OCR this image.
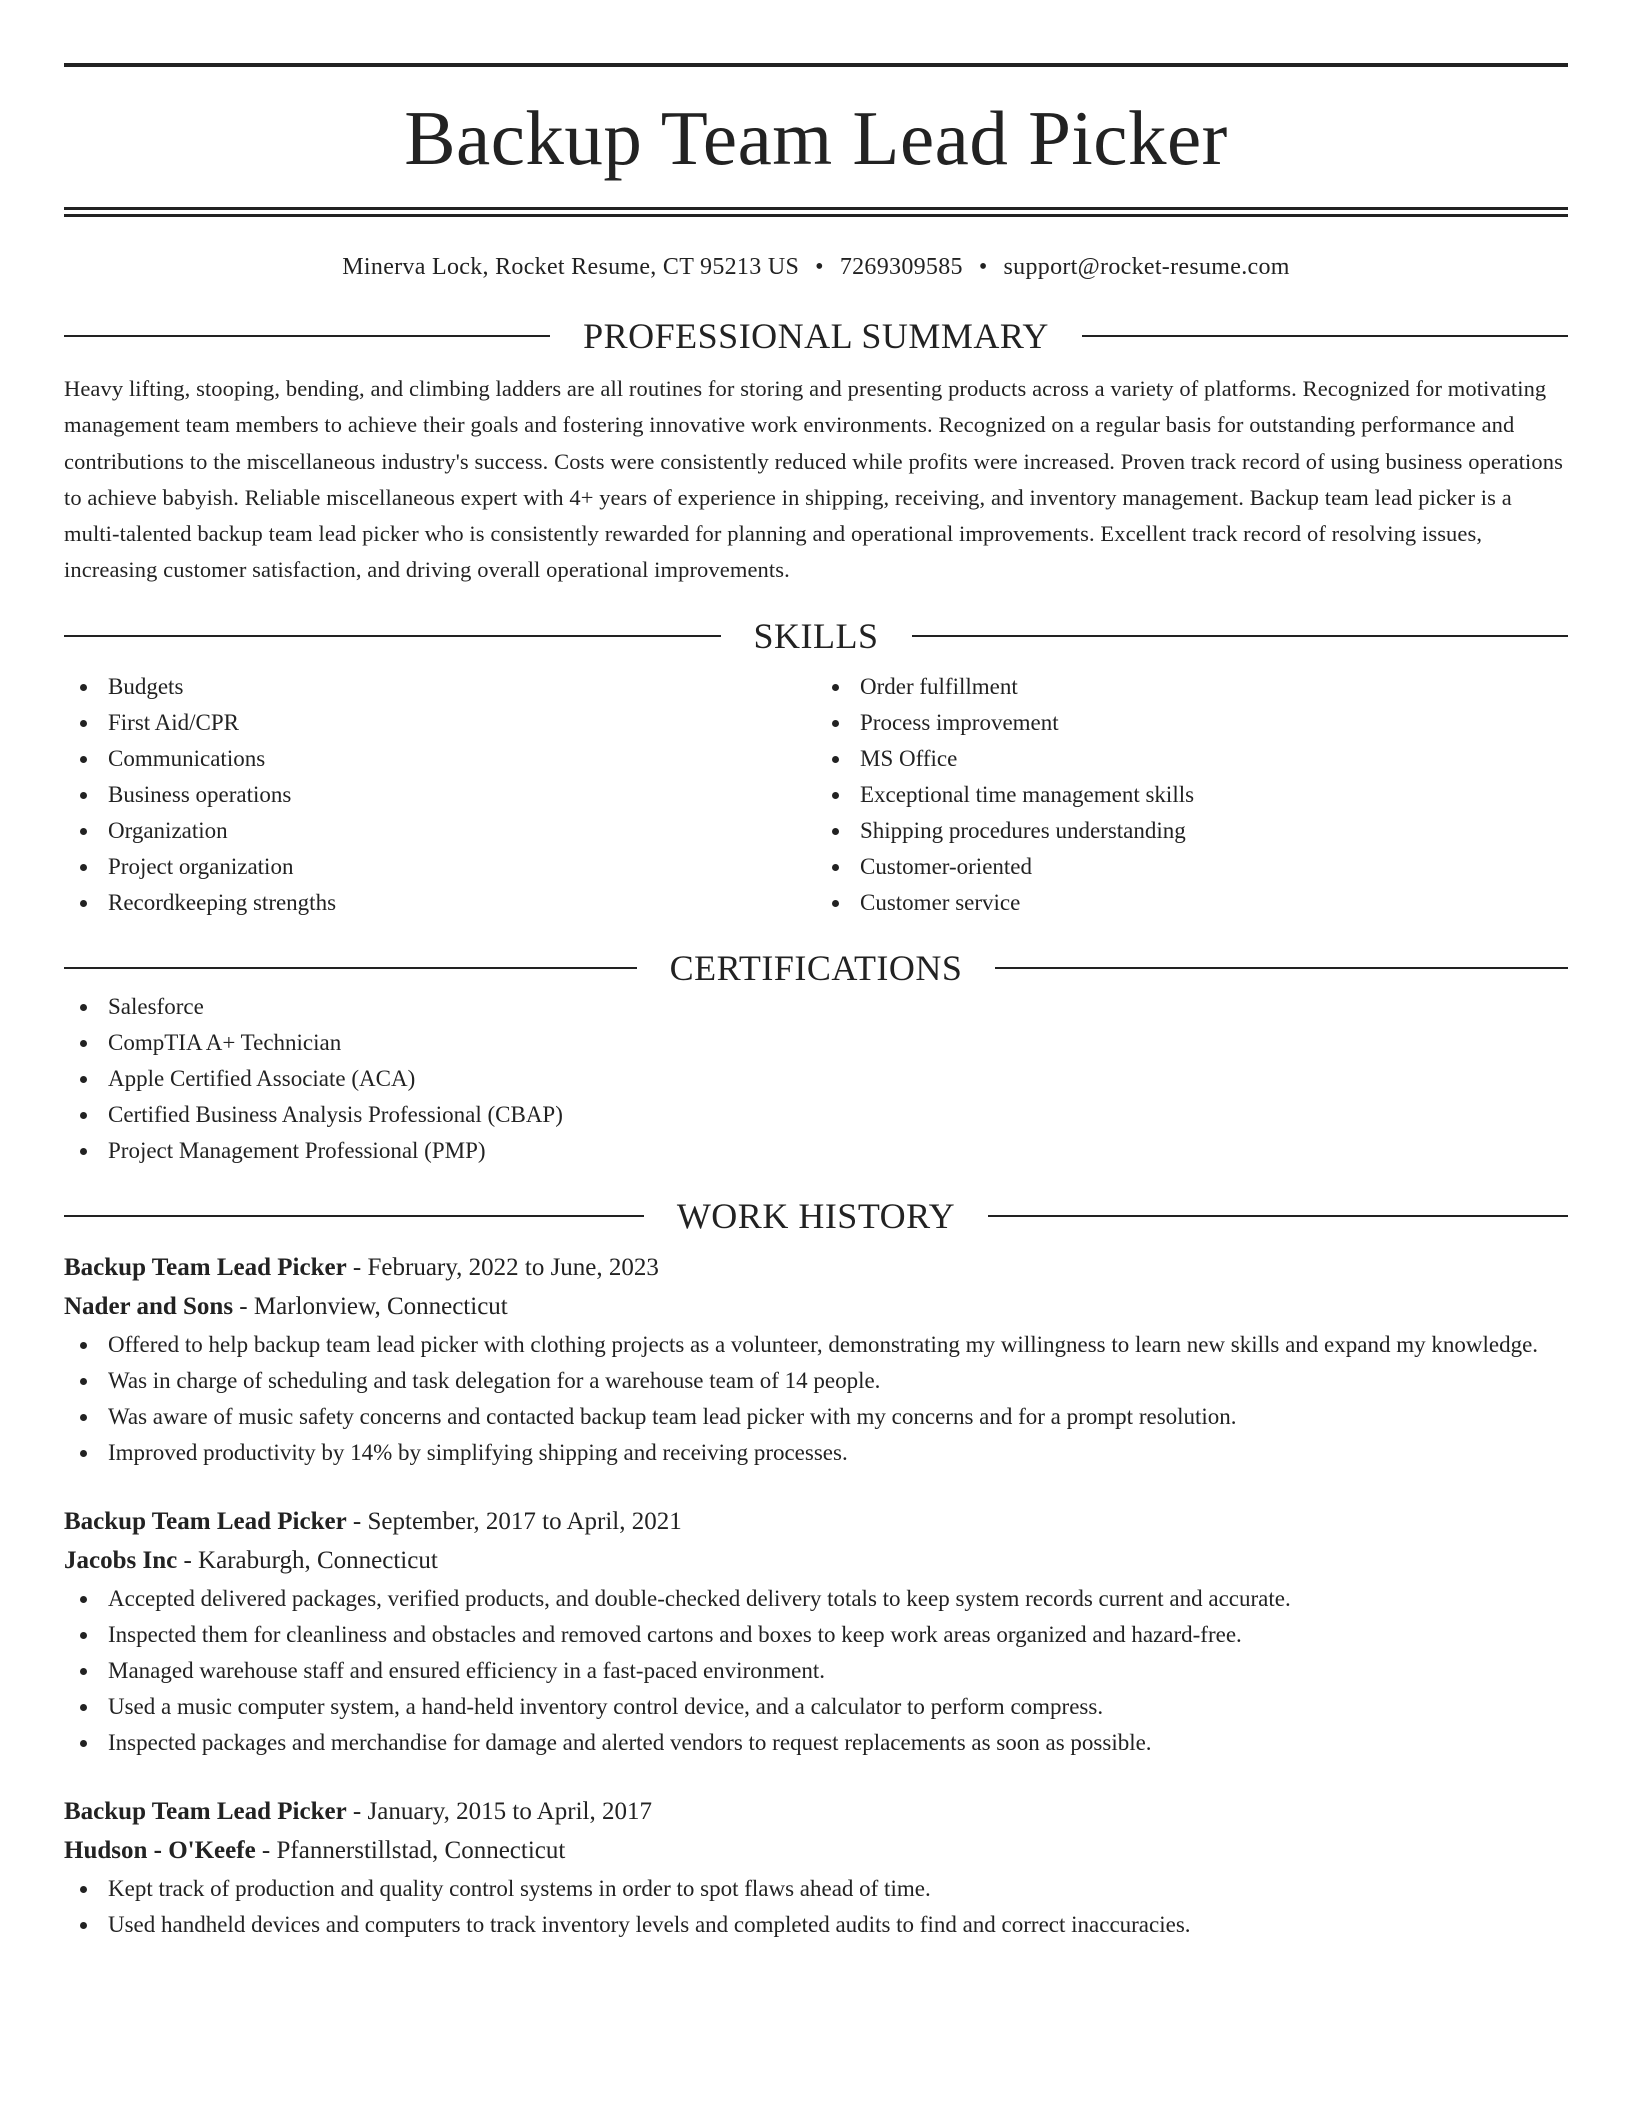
Backup Team Lead Picker
Minerva Lock, Rocket Resume, CT 95213 US • 7269309585 • support@rocket-resume.com
PROFESSIONAL SUMMARY
Heavy lifting, stooping, bending, and climbing ladders are all routines for storing and presenting products across a variety of platforms. Recognized for motivating management team members to achieve their goals and fostering innovative work environments. Recognized on a regular basis for outstanding performance and contributions to the miscellaneous industry's success. Costs were consistently reduced while profits were increased. Proven track record of using business operations to achieve babyish. Reliable miscellaneous expert with 4+ years of experience in shipping, receiving, and inventory management. Backup team lead picker is a multi-talented backup team lead picker who is consistently rewarded for planning and operational improvements. Excellent track record of resolving issues, increasing customer satisfaction, and driving overall operational improvements.
SKILLS
Budgets
First Aid/CPR
Communications
Business operations
Organization
Project organization
Recordkeeping strengths
Order fulfillment
Process improvement
MS Office
Exceptional time management skills
Shipping procedures understanding
Customer-oriented
Customer service
CERTIFICATIONS
Salesforce
CompTIA A+ Technician
Apple Certified Associate (ACA)
Certified Business Analysis Professional (CBAP)
Project Management Professional (PMP)
WORK HISTORY
Backup Team Lead Picker - February, 2022 to June, 2023
Nader and Sons - Marlonview, Connecticut
Offered to help backup team lead picker with clothing projects as a volunteer, demonstrating my willingness to learn new skills and expand my knowledge.
Was in charge of scheduling and task delegation for a warehouse team of 14 people.
Was aware of music safety concerns and contacted backup team lead picker with my concerns and for a prompt resolution.
Improved productivity by 14% by simplifying shipping and receiving processes.
Backup Team Lead Picker - September, 2017 to April, 2021
Jacobs Inc - Karaburgh, Connecticut
Accepted delivered packages, verified products, and double-checked delivery totals to keep system records current and accurate.
Inspected them for cleanliness and obstacles and removed cartons and boxes to keep work areas organized and hazard-free.
Managed warehouse staff and ensured efficiency in a fast-paced environment.
Used a music computer system, a hand-held inventory control device, and a calculator to perform compress.
Inspected packages and merchandise for damage and alerted vendors to request replacements as soon as possible.
Backup Team Lead Picker - January, 2015 to April, 2017
Hudson - O'Keefe - Pfannerstillstad, Connecticut
Kept track of production and quality control systems in order to spot flaws ahead of time.
Used handheld devices and computers to track inventory levels and completed audits to find and correct inaccuracies.
